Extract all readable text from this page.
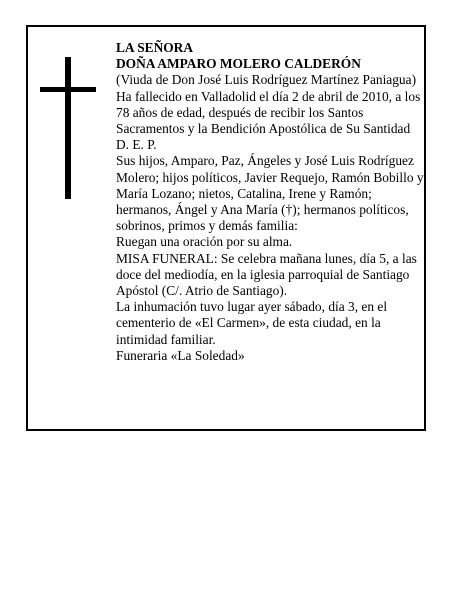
LA SEÑORA

DOÑA AMPARO MOLERO CALDERÓN

(Viuda de Don José Luis Rodríguez Martínez Paniagua)

Ha fallecido en Valladolid el día 2 de abril de 2010, a los 78 años de edad, después de recibir los Santos Sacramentos y la Bendición Apostólica de Su Santidad

D. E. P.

Sus hijos, Amparo, Paz, Ángeles y José Luis Rodríguez Molero; hijos políticos, Javier Requejo, Ramón Bobillo y María Lozano; nietos, Catalina, Irene y Ramón; hermanos, Ángel y Ana María (†); hermanos políticos, sobrinos, primos y demás familia:

Ruegan una oración por su alma.

MISA FUNERAL: Se celebra mañana lunes, día 5, a las doce del mediodía, en la iglesia parroquial de Santiago Apóstol (C/. Atrio de Santiago).

La inhumación tuvo lugar ayer sábado, día 3, en el cementerio de «El Carmen», de esta ciudad, en la intimidad familiar.

Funeraria «La Soledad»
